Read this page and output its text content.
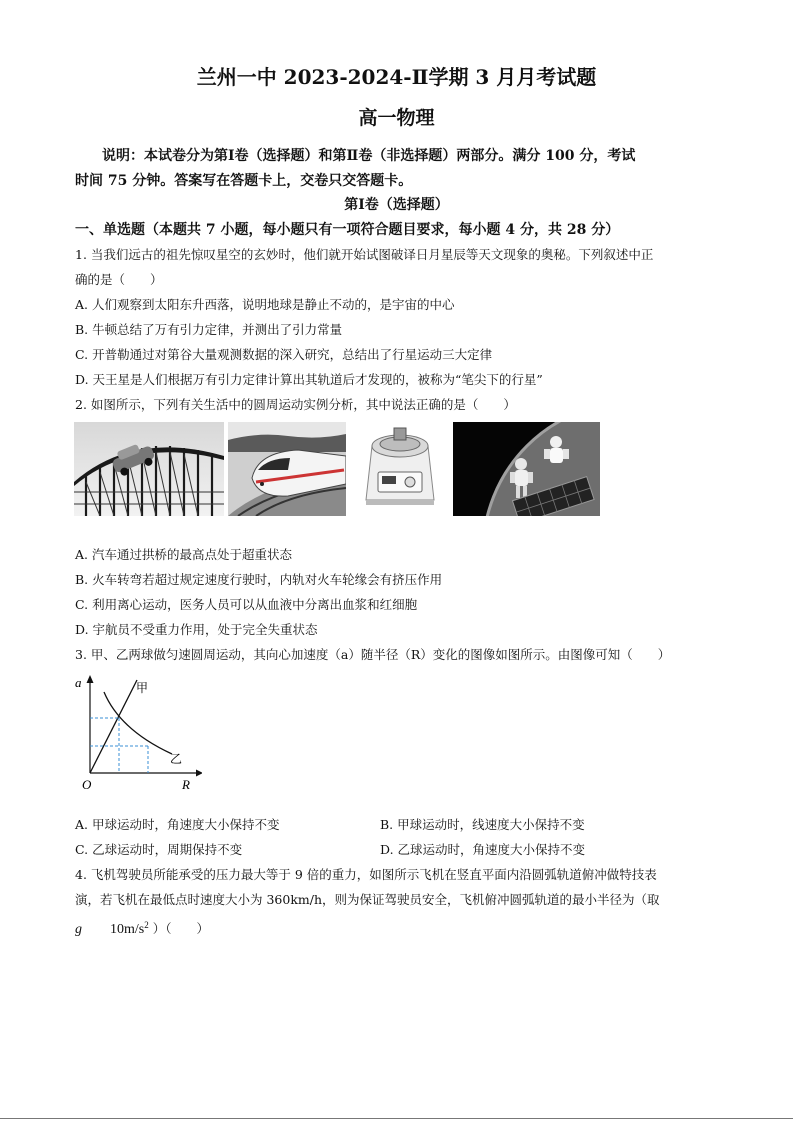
兰州一中 2023-2024-Ⅱ学期 3 月月考试题
高一物理
说明：本试卷分为第Ⅰ卷（选择题）和第Ⅱ卷（非选择题）两部分。满分 100 分，考试
时间 75 分钟。答案写在答题卡上，交卷只交答题卡。
第Ⅰ卷（选择题）
一、单选题（本题共 7 小题，每小题只有一项符合题目要求，每小题 4 分，共 28 分）
1. 当我们远古的祖先惊叹星空的玄妙时，他们就开始试图破译日月星辰等天文现象的奥秘。下列叙述中正
确的是（　　）
A. 人们观察到太阳东升西落，说明地球是静止不动的，是宇宙的中心
B. 牛顿总结了万有引力定律，并测出了引力常量
C. 开普勒通过对第谷大量观测数据的深入研究，总结出了行星运动三大定律
D. 天王星是人们根据万有引力定律计算出其轨道后才发现的，被称为“笔尖下的行星”
2. 如图所示，下列有关生活中的圆周运动实例分析，其中说法正确的是（　　）
A. 汽车通过拱桥的最高点处于超重状态
B. 火车转弯若超过规定速度行驶时，内轨对火车轮缘会有挤压作用
C. 利用离心运动，医务人员可以从血液中分离出血浆和红细胞
D. 宇航员不受重力作用，处于完全失重状态
3. 甲、乙两球做匀速圆周运动，其向心加速度（a）随半径（R）变化的图像如图所示。由图像可知（　　）
a
R
O
甲
乙
A. 甲球运动时，角速度大小保持不变	B. 甲球运动时，线速度大小保持不变
C. 乙球运动时，周期保持不变	D. 乙球运动时，角速度大小保持不变
4. 飞机驾驶员所能承受的压力最大等于 9 倍的重力，如图所示飞机在竖直平面内沿圆弧轨道俯冲做特技表
演，若飞机在最低点时速度大小为 360km/h，则为保证驾驶员安全，飞机俯冲圆弧轨道的最小半径为（取
g $10m/s^2$ ）（　　）
